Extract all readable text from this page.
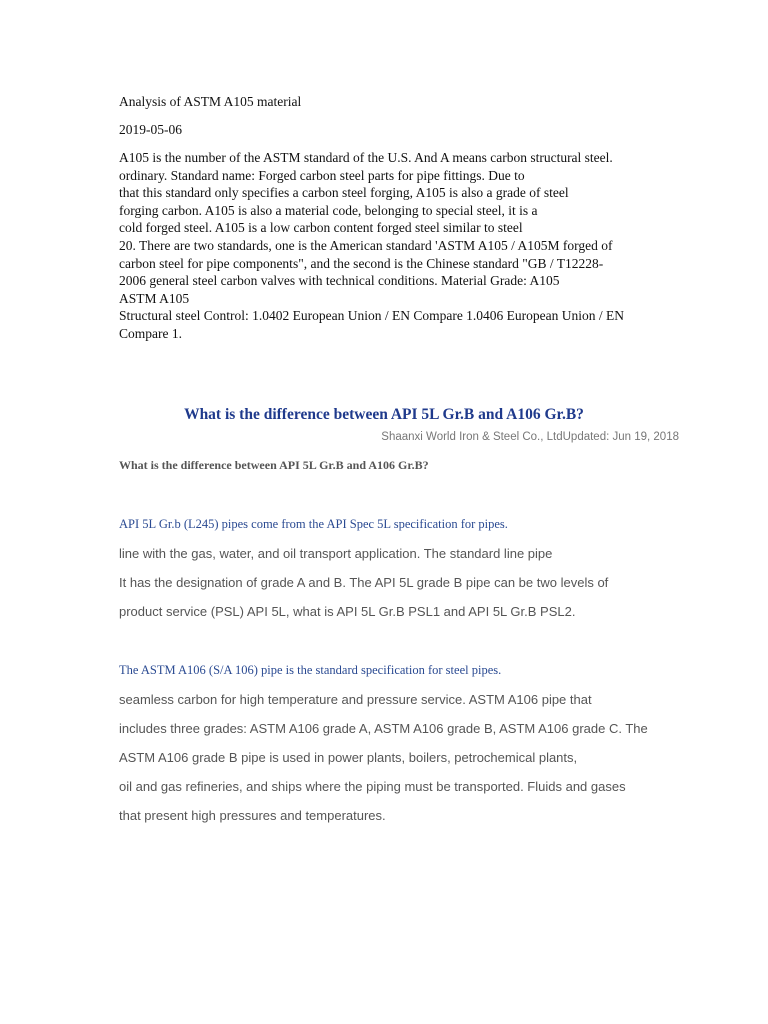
Analysis of ASTM A105 material
2019-05-06
A105 is the number of the ASTM standard of the U.S. And A means carbon structural steel.
ordinary. Standard name: Forged carbon steel parts for pipe fittings. Due to
that this standard only specifies a carbon steel forging, A105 is also a grade of steel
forging carbon. A105 is also a material code, belonging to special steel, it is a
cold forged steel. A105 is a low carbon content forged steel similar to steel
20. There are two standards, one is the American standard 'ASTM A105 / A105M forged of
carbon steel for pipe components", and the second is the Chinese standard "GB / T12228-
2006 general steel carbon valves with technical conditions. Material Grade: A105
ASTM A105
Structural steel Control: 1.0402 European Union / EN Compare 1.0406 European Union / EN
Compare 1.
What is the difference between API 5L Gr.B and A106 Gr.B?
Shaanxi World Iron & Steel Co., LtdUpdated: Jun 19, 2018
What is the difference between API 5L Gr.B and A106 Gr.B?
API 5L Gr.b (L245) pipes come from the API Spec 5L specification for pipes.
line with the gas, water, and oil transport application. The standard line pipe
It has the designation of grade A and B. The API 5L grade B pipe can be two levels of
product service (PSL) API 5L, what is API 5L Gr.B PSL1 and API 5L Gr.B PSL2.
The ASTM A106 (S/A 106) pipe is the standard specification for steel pipes.
seamless carbon for high temperature and pressure service. ASTM A106 pipe that
includes three grades: ASTM A106 grade A, ASTM A106 grade B, ASTM A106 grade C. The
ASTM A106 grade B pipe is used in power plants, boilers, petrochemical plants,
oil and gas refineries, and ships where the piping must be transported. Fluids and gases
that present high pressures and temperatures.
